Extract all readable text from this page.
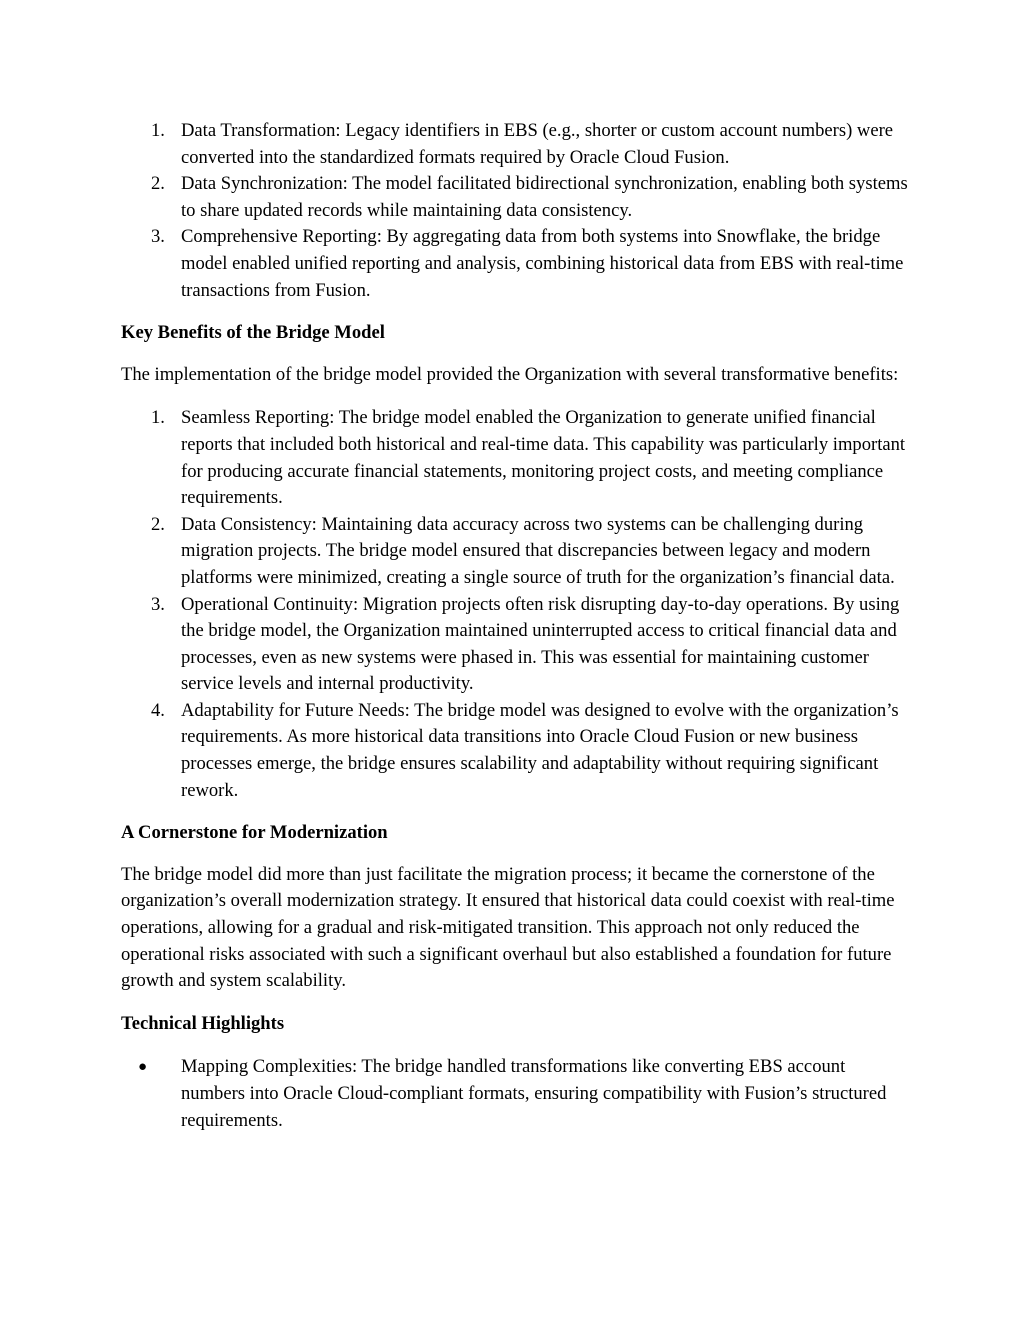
1. Data Transformation: Legacy identifiers in EBS (e.g., shorter or custom account numbers) were converted into the standardized formats required by Oracle Cloud Fusion.
2. Data Synchronization: The model facilitated bidirectional synchronization, enabling both systems to share updated records while maintaining data consistency.
3. Comprehensive Reporting: By aggregating data from both systems into Snowflake, the bridge model enabled unified reporting and analysis, combining historical data from EBS with real-time transactions from Fusion.
Key Benefits of the Bridge Model

The implementation of the bridge model provided the Organization with several transformative benefits:

1. Seamless Reporting: The bridge model enabled the Organization to generate unified financial reports that included both historical and real-time data. This capability was particularly important for producing accurate financial statements, monitoring project costs, and meeting compliance requirements.
2. Data Consistency: Maintaining data accuracy across two systems can be challenging during migration projects. The bridge model ensured that discrepancies between legacy and modern platforms were minimized, creating a single source of truth for the organization’s financial data.
3. Operational Continuity: Migration projects often risk disrupting day-to-day operations. By using the bridge model, the Organization maintained uninterrupted access to critical financial data and processes, even as new systems were phased in. This was essential for maintaining customer service levels and internal productivity.
4. Adaptability for Future Needs: The bridge model was designed to evolve with the organization’s requirements. As more historical data transitions into Oracle Cloud Fusion or new business processes emerge, the bridge ensures scalability and adaptability without requiring significant rework.
A Cornerstone for Modernization

The bridge model did more than just facilitate the migration process; it became the cornerstone of the organization’s overall modernization strategy. It ensured that historical data could coexist with real-time operations, allowing for a gradual and risk-mitigated transition. This approach not only reduced the operational risks associated with such a significant overhaul but also established a foundation for future growth and system scalability.

Technical Highlights
● Mapping Complexities: The bridge handled transformations like converting EBS account numbers into Oracle Cloud-compliant formats, ensuring compatibility with Fusion’s structured requirements.
